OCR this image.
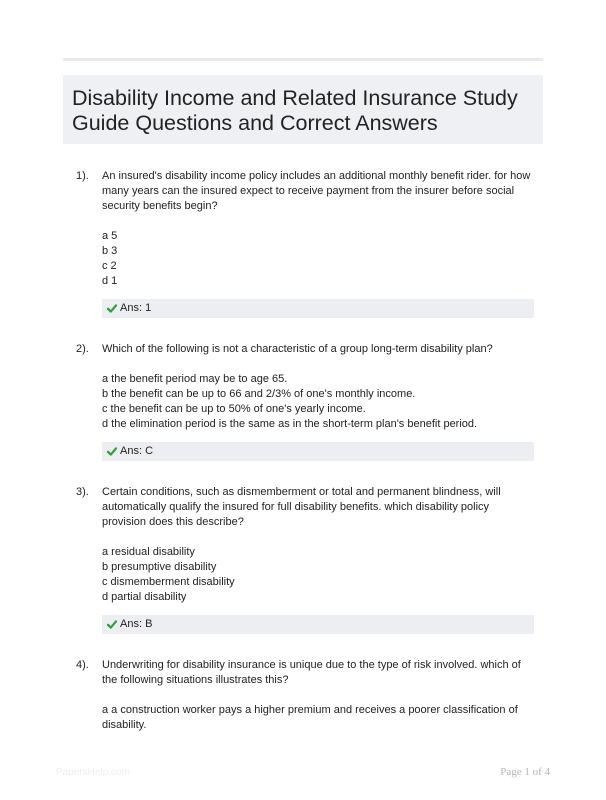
Disability Income and Related Insurance Study Guide Questions and Correct Answers
1).	An insured's disability income policy includes an additional monthly benefit rider. for how many years can the insured expect to receive payment from the insurer before social security benefits begin?

a 5

b 3

c 2

d 1

Ans: 1
2).	Which of the following is not a characteristic of a group long-term disability plan?

a the benefit period may be to age 65.

b the benefit can be up to 66 and 2/3% of one's monthly income.

c the benefit can be up to 50% of one's yearly income.

d the elimination period is the same as in the short-term plan's benefit period.

Ans: C
3).	Certain conditions, such as dismemberment or total and permanent blindness, will automatically qualify the insured for full disability benefits. which disability policy provision does this describe?

a residual disability

b presumptive disability

c dismemberment disability

d partial disability

Ans: B
4).	Underwriting for disability insurance is unique due to the type of risk involved. which of the following situations illustrates this?

a a construction worker pays a higher premium and receives a poorer classification of disability.

PapersHelp.com	Page 1 of 4
